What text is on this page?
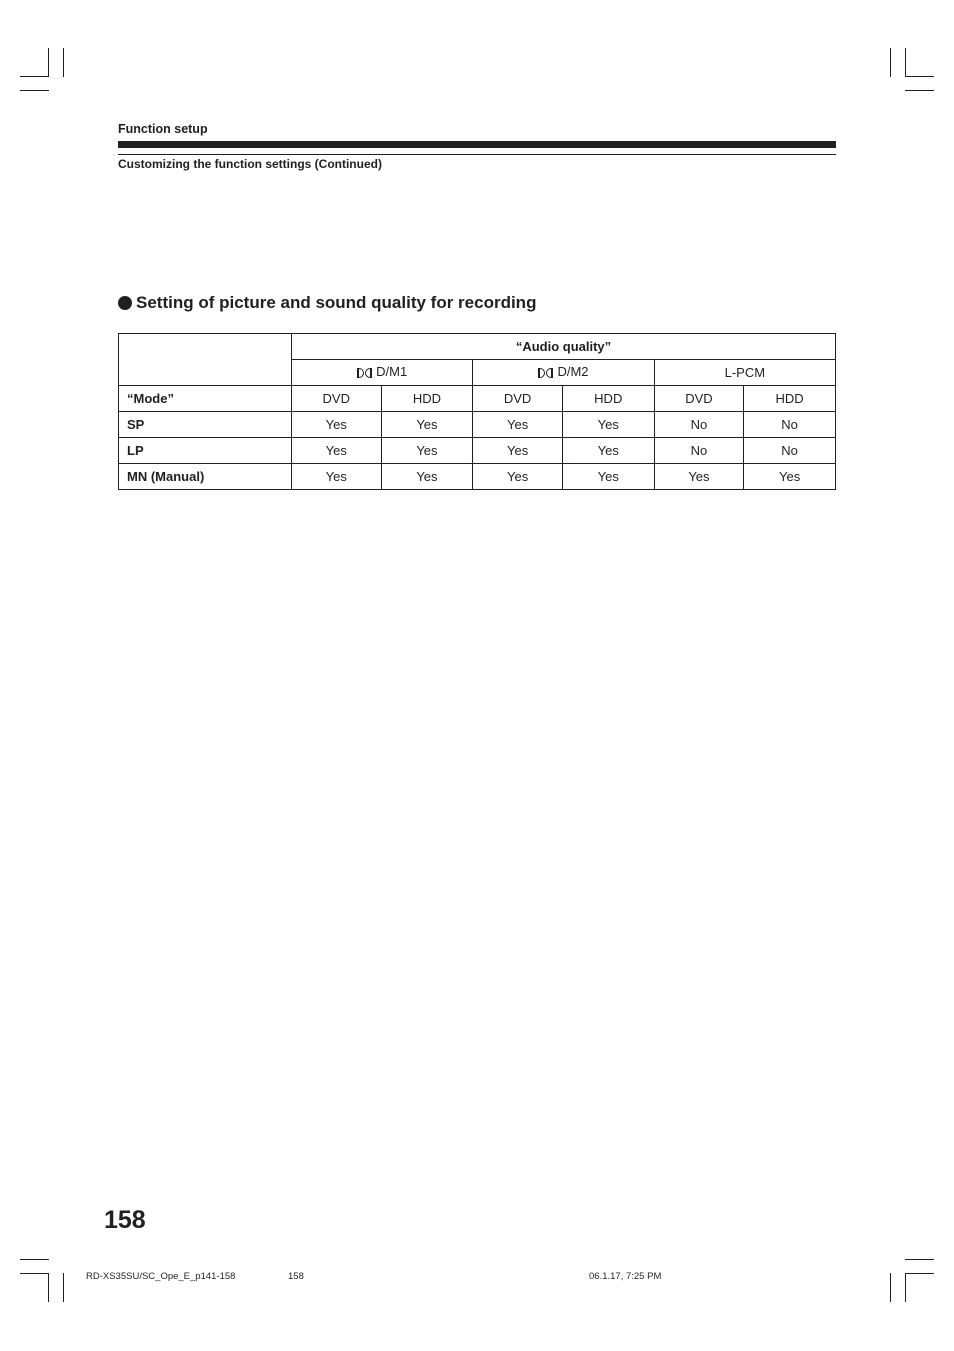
Function setup
Customizing the function settings (Continued)
Setting of picture and sound quality for recording
	“Audio quality”					
	D/M1		D/M2		L-PCM	
“Mode”	DVD	HDD	DVD	HDD	DVD	HDD
SP	Yes	Yes	Yes	Yes	No	No
LP	Yes	Yes	Yes	Yes	No	No
MN (Manual)	Yes	Yes	Yes	Yes	Yes	Yes
158
RD-XS35SU/SC_Ope_E_p141-158	158	06.1.17, 7:25 PM
